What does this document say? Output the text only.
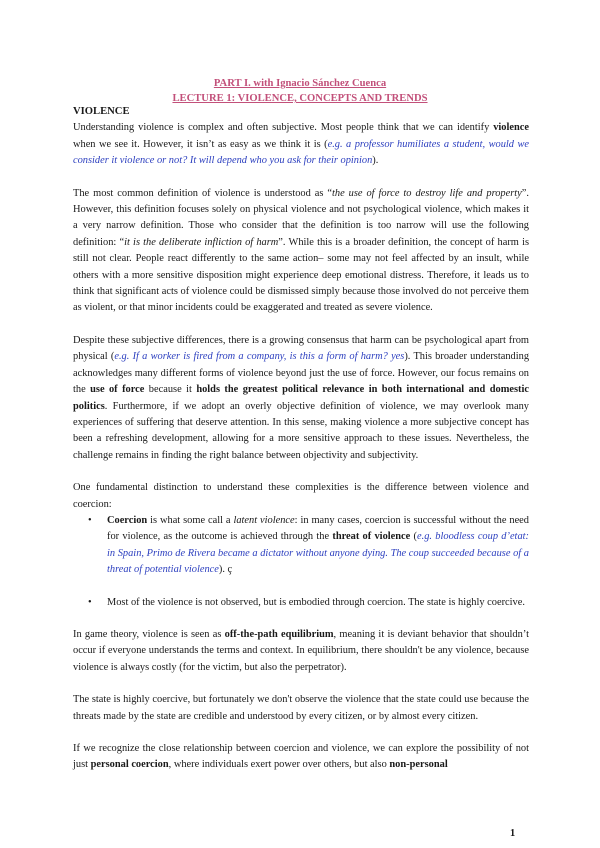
PART I. with Ignacio Sánchez Cuenca
LECTURE 1: VIOLENCE, CONCEPTS AND TRENDS
VIOLENCE

Understanding violence is complex and often subjective. Most people think that we can identify violence when we see it. However, it isn’t as easy as we think it is (e.g. a professor humiliates a student, would we consider it violence or not? It will depend who you ask for their opinion).

The most common definition of violence is understood as “the use of force to destroy life and property”. However, this definition focuses solely on physical violence and not psychological violence, which makes it a very narrow definition. Those who consider that the definition is too narrow will use the following definition: “it is the deliberate infliction of harm”. While this is a broader definition, the concept of harm is still not clear. People react differently to the same action– some may not feel affected by an insult, while others with a more sensitive disposition might experience deep emotional distress. Therefore, it leads us to think that significant acts of violence could be dismissed simply because those involved do not perceive them as violent, or that minor incidents could be exaggerated and treated as severe violence.

Despite these subjective differences, there is a growing consensus that harm can be psychological apart from physical (e.g. If a worker is fired from a company, is this a form of harm? yes). This broader understanding acknowledges many different forms of violence beyond just the use of force. However, our focus remains on the use of force because it holds the greatest political relevance in both international and domestic politics. Furthermore, if we adopt an overly objective definition of violence, we may overlook many experiences of suffering that deserve attention. In this sense, making violence a more subjective concept has been a refreshing development, allowing for a more sensitive approach to these issues. Nevertheless, the challenge remains in finding the right balance between objectivity and subjectivity.

One fundamental distinction to understand these complexities is the difference between violence and coercion:

• Coercion is what some call a latent violence: in many cases, coercion is successful without the need for violence, as the outcome is achieved through the threat of violence (e.g. bloodless coup d’etat: in Spain, Primo de Rivera became a dictator without anyone dying. The coup succeeded because of a threat of potential violence). ç
• Most of the violence is not observed, but is embodied through coercion. The state is highly coercive.

In game theory, violence is seen as off-the-path equilibrium, meaning it is deviant behavior that shouldn’t occur if everyone understands the terms and context. In equilibrium, there shouldn't be any violence, because violence is always costly (for the victim, but also the perpetrator).

The state is highly coercive, but fortunately we don't observe the violence that the state could use because the threats made by the state are credible and understood by every citizen, or by almost every citizen.

If we recognize the close relationship between coercion and violence, we can explore the possibility of not just personal coercion, where individuals exert power over others, but also non-personal

1
